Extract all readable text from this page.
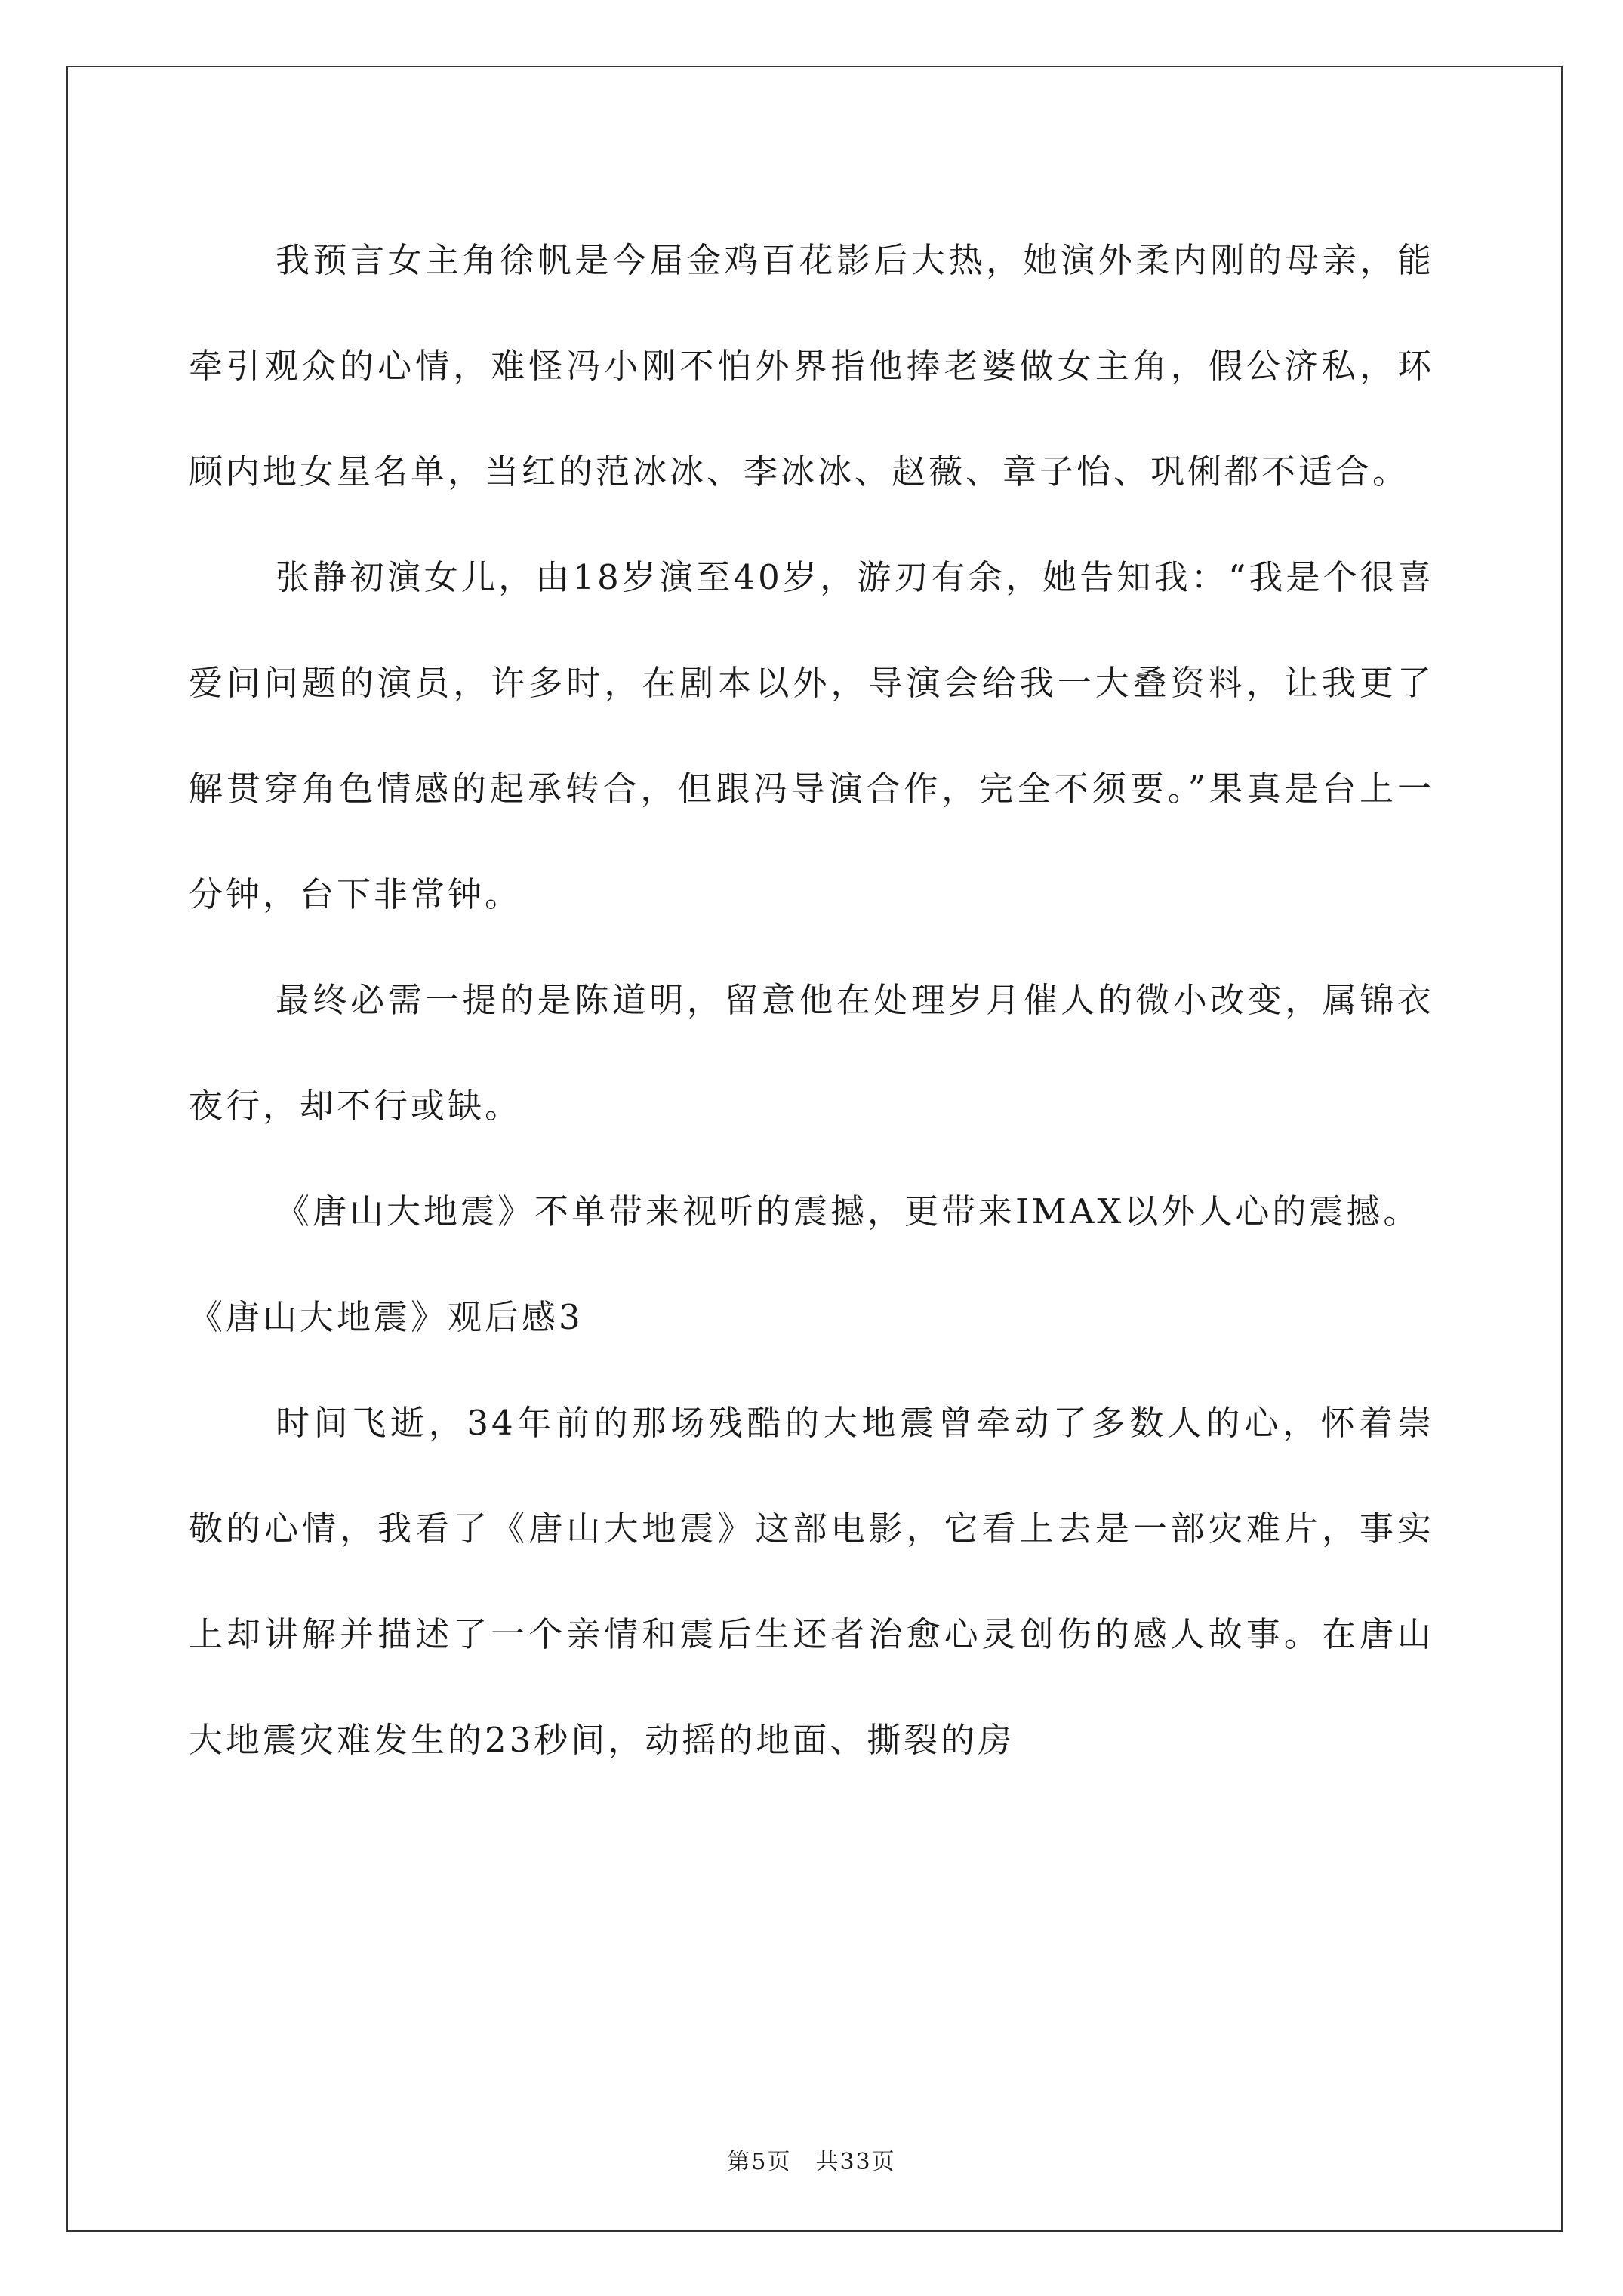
我预言女主角徐帆是今届金鸡百花影后大热，她演外柔内刚的母亲，能牵引观众的心情，难怪冯小刚不怕外界指他捧老婆做女主角，假公济私，环顾内地女星名单，当红的范冰冰、李冰冰、赵薇、章子怡、巩俐都不适合。

张静初演女儿，由18岁演至40岁，游刃有余，她告知我：“我是个很喜爱问问题的演员，许多时，在剧本以外，导演会给我一大叠资料，让我更了解贯穿角色情感的起承转合，但跟冯导演合作，完全不须要。”果真是台上一分钟，台下非常钟。

最终必需一提的是陈道明，留意他在处理岁月催人的微小改变，属锦衣夜行，却不行或缺。

《唐山大地震》不单带来视听的震撼，更带来IMAX以外人心的震撼。

《唐山大地震》观后感3

时间飞逝，34年前的那场残酷的大地震曾牵动了多数人的心，怀着崇敬的心情，我看了《唐山大地震》这部电影，它看上去是一部灾难片，事实上却讲解并描述了一个亲情和震后生还者治愈心灵创伤的感人故事。在唐山大地震灾难发生的23秒间，动摇的地面、撕裂的房

第5页　共33页
